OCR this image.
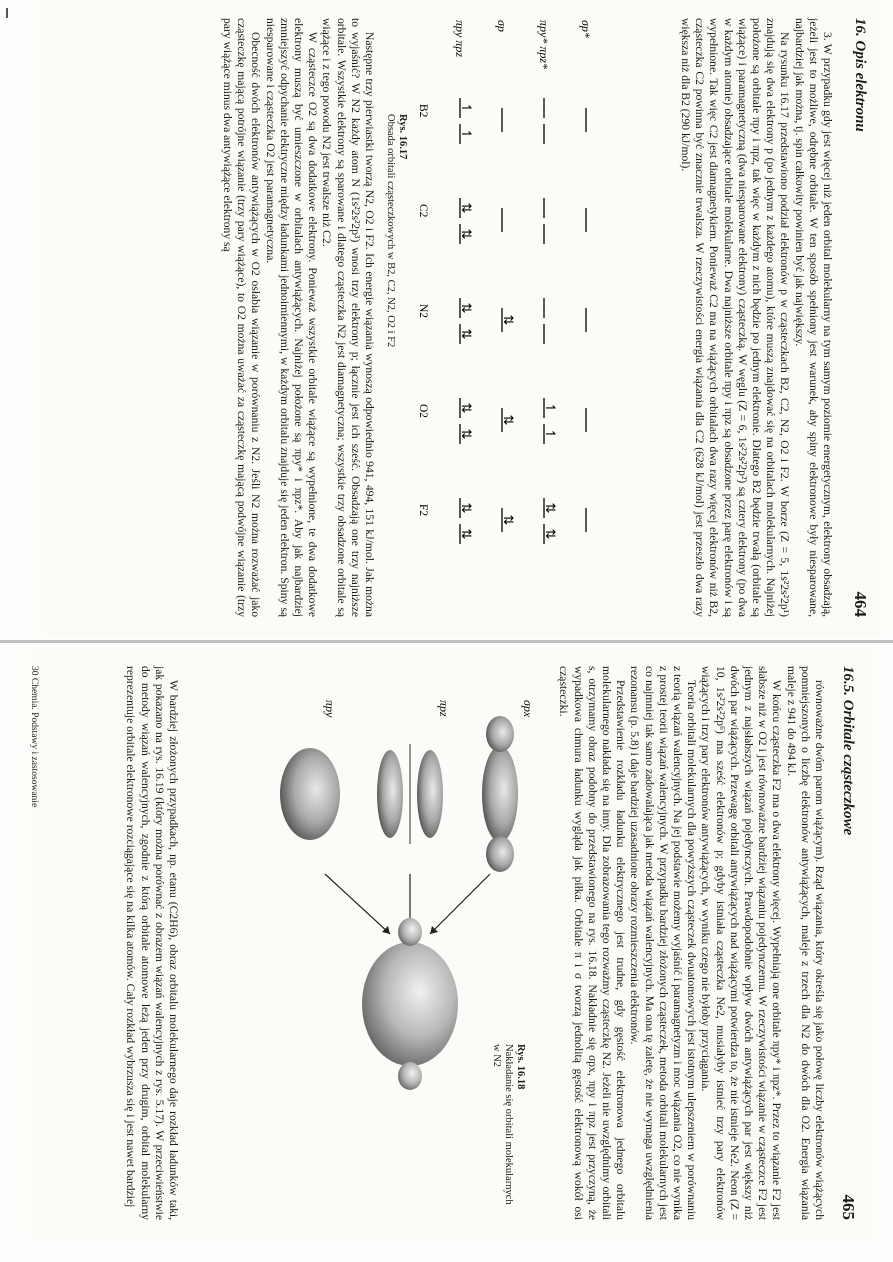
16. Opis elektronu
464

3. W przypadku gdy jest więcej niż jeden orbital molekularny na tym samym poziomie energetycznym, elektrony obsadzają, jeżeli jest to możliwe, odrębne orbitale. W ten sposób spełniony jest warunek, aby spiny elektronowe były niesparowane, najbardziej jak można, tj. spin całkowity powinien być jak największy.

Na rysunku 16.17 przedstawiono podział elektronów p w cząsteczkach B2, C2, N2, O2 i F2. W borze (Z = 5, 1s²2s²2p¹) znajdują się dwa elektrony p (po jednym z każdego atomu), które muszą znajdować się na orbitalach molekularnych. Najniżej położone są orbitale πpy i πpz, tak więc w każdym z nich będzie po jednym elektronie. Dlatego B2 będzie trwałą (orbitale są wiążące) i paramagnetyczną (dwa niesparowane elektrony) cząsteczką. W węglu (Z = 6, 1s²2s²2p²) są cztery elektrony (po dwa w każdym atomie) obsadzające orbitale molekularne. Dwa najniższe orbitale πpy i πpz są obsadzone przez parę elektronów i są wypełnione. Tak więc C2 jest diamagnetykiem. Ponieważ C2 ma na wiążących orbitalach dwa razy więcej elektronów niż B2, cząsteczka C2 powinna być znacznie trwalsza. W rzeczywistości energia wiązania dla C2 (628 kJ/mol) jest przeszło dwa razy większa niż dla B2 (290 kJ/mol).

σp*
πpy* πpz*
σp
πpy πpz
↿
↿
⇅
⇅
⇅
⇅
⇅
⇅
↿
↿
⇅
⇅
⇅
⇅
⇅
⇅
⇅
B2
C2
N2
O2
F2
Rys. 16.17
Obsada orbitali cząsteczkowych w B2, C2, N2, O2 i F2

Następne trzy pierwiastki tworzą N2, O2 i F2. Ich energie wiązania wynoszą odpowiednio 941, 494, 151 kJ/mol. Jak można to wyjaśnić? W N2 każdy atom N (1s²2s²2p³) wnosi trzy elektrony p; łącznie jest ich sześć. Obsadzają one trzy najniższe orbitale. Wszystkie elektrony są sparowane i dlatego cząsteczka N2 jest diamagnetyczna; wszystkie trzy obsadzone orbitale są wiążące i z tego powodu N2 jest trwalsze niż C2.

W cząsteczce O2 są dwa dodatkowe elektrony. Ponieważ wszystkie orbitale wiążące są wypełnione, te dwa dodatkowe elektrony muszą być umieszczone w orbitalach antywiążących. Najniżej położone są πpy* i πpz*. Aby jak najbardziej zmniejszyć odpychanie elektryczne między ładunkami jednoimiennymi, w każdym orbitalu znajduje się jeden elektron. Spiny są niesparowane i cząsteczka O2 jest paramagnetyczna.

Obecność dwóch elektronów antywiążących w O2 osłabia wiązanie w porównaniu z N2. Jeśli N2 można rozważać jako cząsteczkę mającą potrójne wiązanie (trzy pary wiążące), to O2 można uważać za cząsteczkę mającą podwójne wiązanie (trzy pary wiążące minus dwa antywiążące elektrony są

16.5. Orbitale cząsteczkowe
465

równoważne dwóm parom wiążącym). Rząd wiązania, który określa się jako połowę liczby elektronów wiążących pomniejszonych o liczbę elektronów antywiążących, maleje z trzech dla N2 do dwóch dla O2. Energia wiązania maleje z 941 do 494 kJ.

W końcu cząsteczka F2 ma o dwa elektrony więcej. Wypełniają one orbitale πpy* i πpz*. Przez to wiązanie F2 jest słabsze niż w O2 i jest równoważne bardziej wiązaniu pojedynczemu. W rzeczywistości wiązanie w cząsteczce F2 jest jednym z najsłabszych wiązań pojedynczych. Prawdopodobnie wpływ dwóch antywiążących par jest większy niż dwóch par wiążących. Przewagę orbitali antywiążących nad wiążącymi potwierdza to, że nie istnieje Ne2. Neon (Z = 10, 1s²2s²2p⁶) ma sześć elektronów p; gdyby istniała cząsteczka Ne2, musiałyby istnieć trzy pary elektronów wiążących i trzy pary elektronów antywiążących, w wyniku czego nie byłoby przyciągania.

Teoria orbitali molekularnych dla powyższych cząsteczek dwuatomowych jest istotnym ulepszeniem w porównaniu z teorią wiązań walencyjnych. Na jej podstawie możemy wyjaśnić i paramagnetyzm i moc wiązania O2, co nie wynika z prostej teorii wiązań walencyjnych. W przypadku bardziej złożonych cząsteczek, metoda orbitali molekularnych jest co najmniej tak samo zadowalająca jak metoda wiązań walencyjnych. Ma ona tę zaletę, że nie wymaga uwzględnienia rezonansu (p. 5.8) i daje bardziej uzasadnione obrazy rozmieszczenia elektronów.

Przedstawienie rozkładu ładunku elektrycznego jest trudne, gdy gęstość elektronowa jednego orbitalu molekularnego nakłada się na inny. Dla zobrazowania tego rozważmy cząsteczkę N2. Jeżeli nie uwzględnimy orbitali s, otrzymamy obraz podobny do przedstawionego na rys. 16.18. Nakładnie się σpx, πpy i πpz jest przyczyną, że wypadkowa chmura ładunku wygląda jak piłka. Orbitale π i σ tworzą jednolitą gęstość elektronową wokół osi cząsteczki.

σpx
πpz
πpy
Rys. 16.18
Nakładanie się orbitali molekularnych w N2

W bardziej złożonych przypadkach, np. etanu (C2H6), obraz orbitalu molekularnego daje rozkład ładunków taki, jak pokazano na rys. 16.19 (który można porównać z obrazem wiązań walencyjnych z rys. 5.17). W przeciwieństwie do metody wiązań walencyjnych, zgodnie z którą orbitale atomowe leżą jeden przy drugim, orbital molekularny reprezentuje orbitale elektronowe rozciągające się na kilka atomów. Cały rozkład wybrzusza się i jest nawet bardziej

30 Chemia. Podstawy i zastosowanie
